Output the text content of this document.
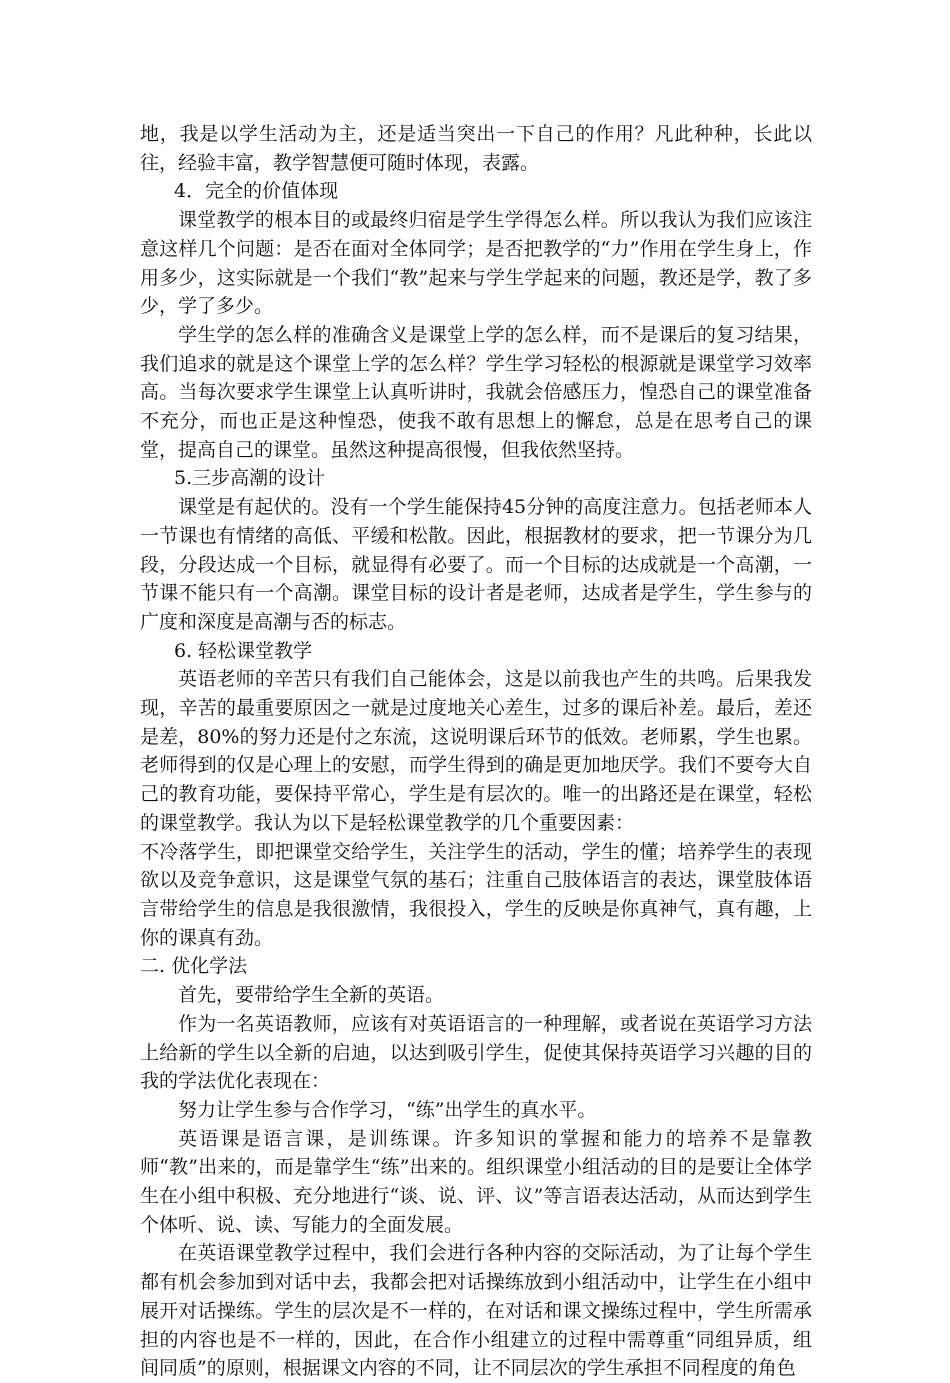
地，我是以学生活动为主，还是适当突出一下自己的作用？凡此种种，长此以往，经验丰富，教学智慧便可随时体现，表露。

4．完全的价值体现

课堂教学的根本目的或最终归宿是学生学得怎么样。所以我认为我们应该注意这样几个问题：是否在面对全体同学；是否把教学的“力”作用在学生身上，作用多少，这实际就是一个我们“教”起来与学生学起来的问题，教还是学，教了多少，学了多少。

学生学的怎么样的准确含义是课堂上学的怎么样，而不是课后的复习结果，我们追求的就是这个课堂上学的怎么样？学生学习轻松的根源就是课堂学习效率高。当每次要求学生课堂上认真听讲时，我就会倍感压力，惶恐自己的课堂准备不充分，而也正是这种惶恐，使我不敢有思想上的懈怠，总是在思考自己的课堂，提高自己的课堂。虽然这种提高很慢，但我依然坚持。

5.三步高潮的设计

课堂是有起伏的。没有一个学生能保持45分钟的高度注意力。包括老师本人一节课也有情绪的高低、平缓和松散。因此，根据教材的要求，把一节课分为几段，分段达成一个目标，就显得有必要了。而一个目标的达成就是一个高潮，一节课不能只有一个高潮。课堂目标的设计者是老师，达成者是学生，学生参与的广度和深度是高潮与否的标志。

6. 轻松课堂教学

英语老师的辛苦只有我们自己能体会，这是以前我也产生的共鸣。后果我发现，辛苦的最重要原因之一就是过度地关心差生，过多的课后补差。最后，差还是差，80%的努力还是付之东流，这说明课后环节的低效。老师累，学生也累。老师得到的仅是心理上的安慰，而学生得到的确是更加地厌学。我们不要夸大自己的教育功能，要保持平常心，学生是有层次的。唯一的出路还是在课堂，轻松的课堂教学。我认为以下是轻松课堂教学的几个重要因素：

不冷落学生，即把课堂交给学生，关注学生的活动，学生的懂；培养学生的表现欲以及竞争意识，这是课堂气氛的基石；注重自己肢体语言的表达，课堂肢体语言带给学生的信息是我很激情，我很投入，学生的反映是你真神气，真有趣，上你的课真有劲。

二. 优化学法

首先，要带给学生全新的英语。

作为一名英语教师，应该有对英语语言的一种理解，或者说在英语学习方法上给新的学生以全新的启迪，以达到吸引学生，促使其保持英语学习兴趣的目的我的学法优化表现在：

努力让学生参与合作学习，“练”出学生的真水平。

英语课是语言课，是训练课。许多知识的掌握和能力的培养不是靠教师“教”出来的，而是靠学生“练”出来的。组织课堂小组活动的目的是要让全体学生在小组中积极、充分地进行“谈、说、评、议”等言语表达活动，从而达到学生个体听、说、读、写能力的全面发展。

在英语课堂教学过程中，我们会进行各种内容的交际活动，为了让每个学生都有机会参加到对话中去，我都会把对话操练放到小组活动中，让学生在小组中展开对话操练。学生的层次是不一样的，在对话和课文操练过程中，学生所需承担的内容也是不一样的，因此，在合作小组建立的过程中需尊重“同组异质，组间同质”的原则，根据课文内容的不同，让不同层次的学生承担不同程度的角色
